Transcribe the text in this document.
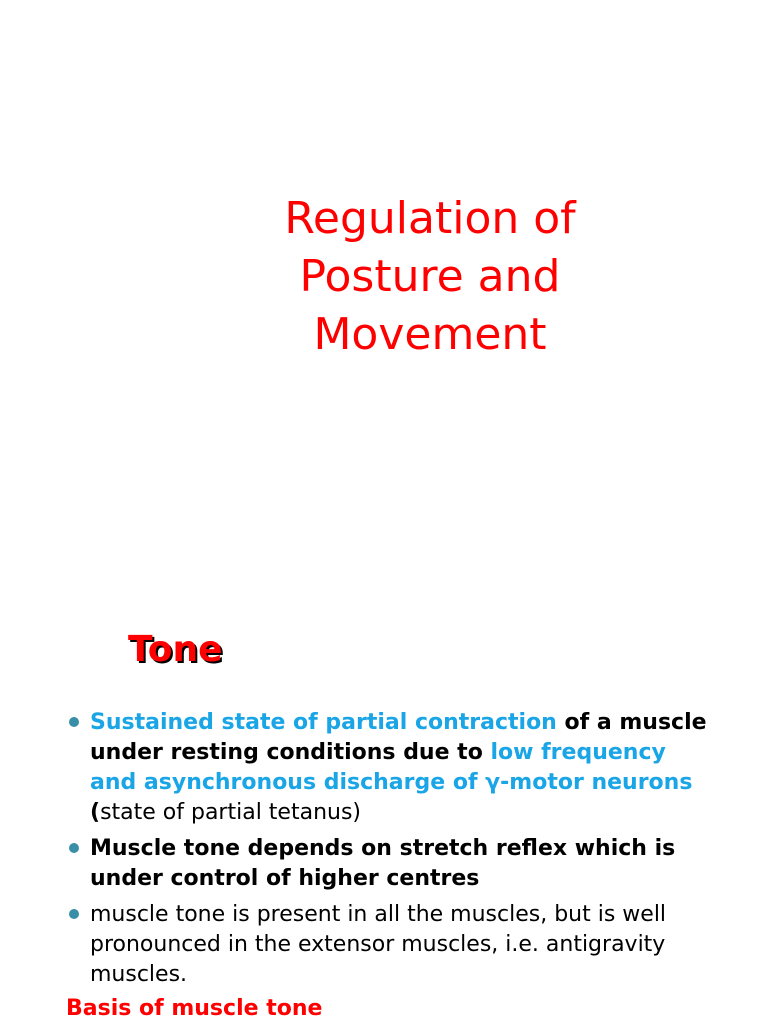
Regulation of
Posture and
Movement
Tone
Sustained state of partial contraction of a muscle under resting conditions due to low frequency and asynchronous discharge of γ-motor neurons (state of partial tetanus)
Muscle tone depends on stretch reflex which is under control of higher centres
muscle tone is present in all the muscles, but is well pronounced in the extensor muscles, i.e. antigravity muscles.
Basis of muscle tone
